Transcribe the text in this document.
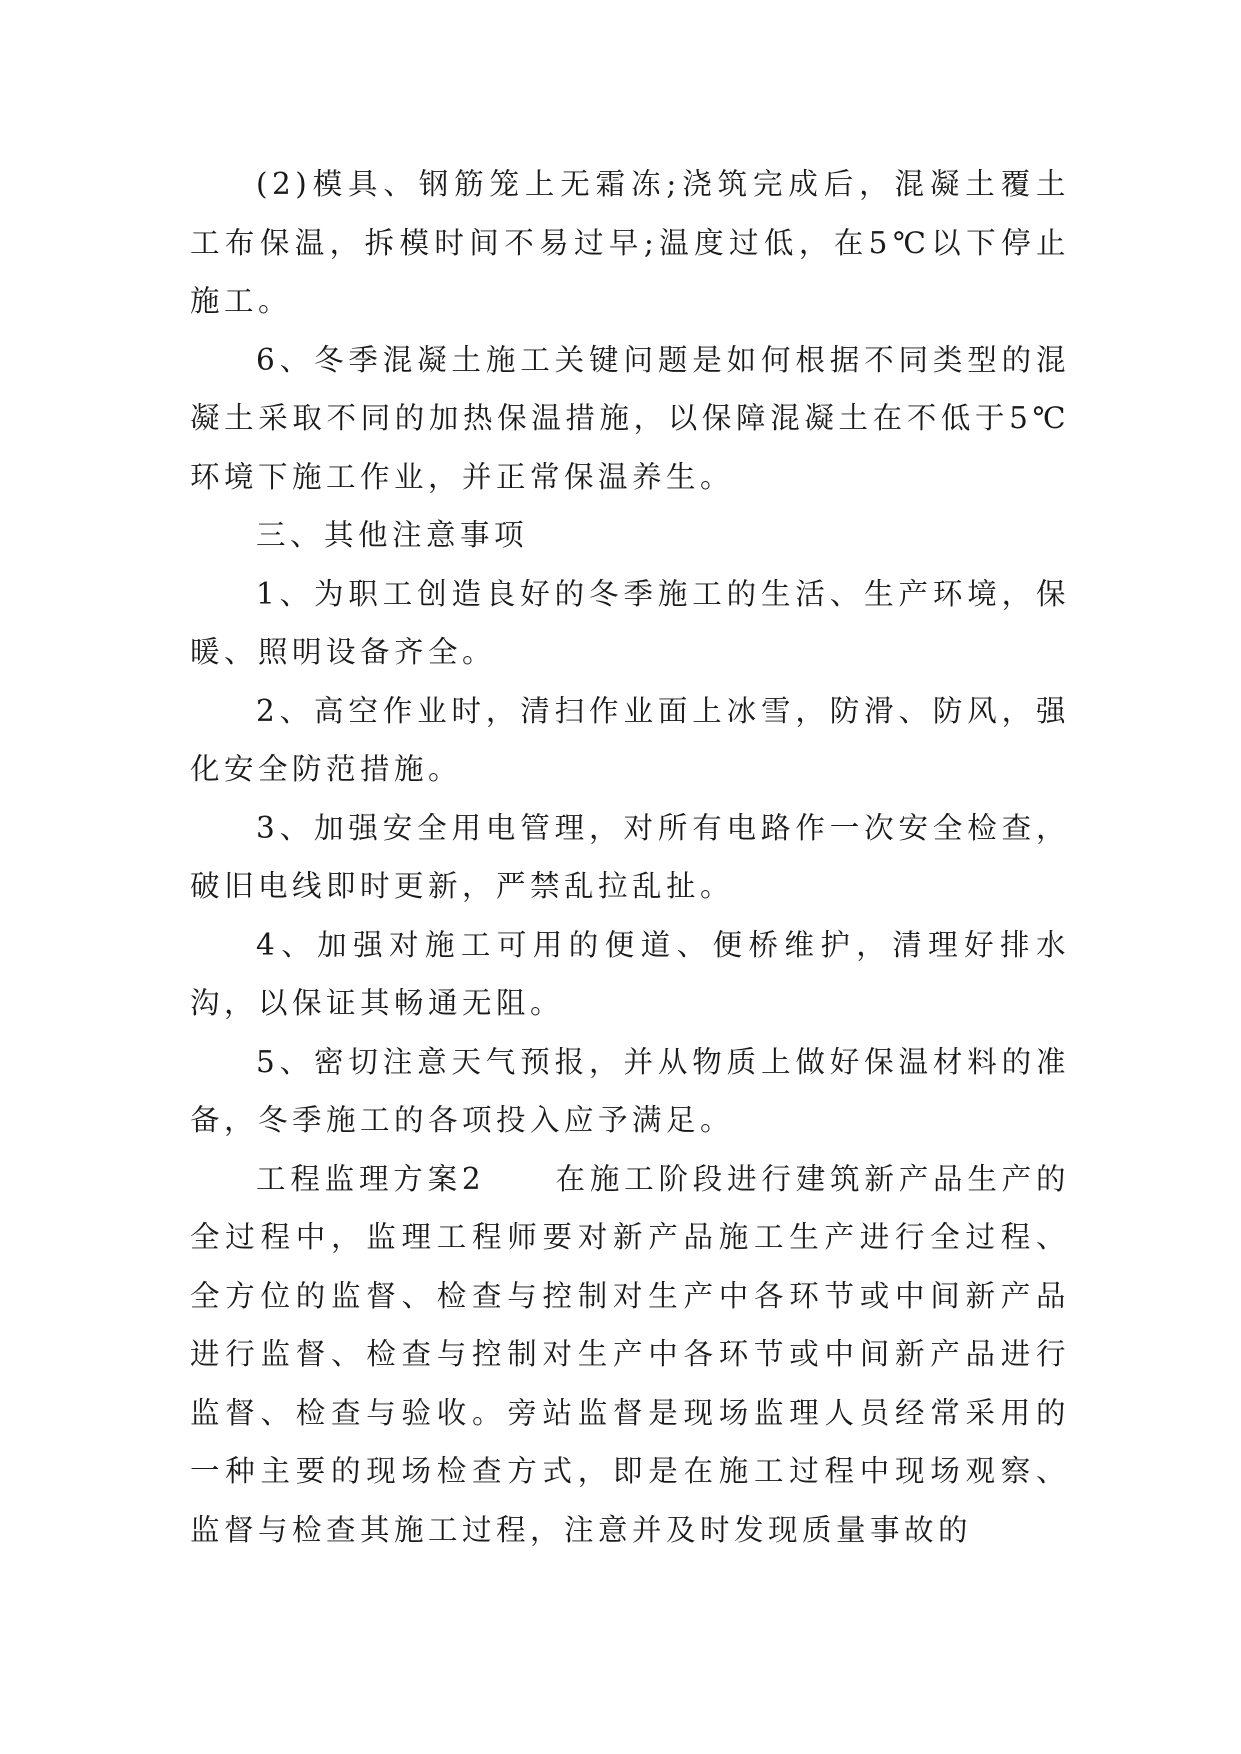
(2)模具、钢筋笼上无霜冻;浇筑完成后，混凝土覆土工布保温，拆模时间不易过早;温度过低，在5℃以下停止施工。

6、冬季混凝土施工关键问题是如何根据不同类型的混凝土采取不同的加热保温措施，以保障混凝土在不低于5℃环境下施工作业，并正常保温养生。

三、其他注意事项

1、为职工创造良好的冬季施工的生活、生产环境，保暖、照明设备齐全。

2、高空作业时，清扫作业面上冰雪，防滑、防风，强化安全防范措施。

3、加强安全用电管理，对所有电路作一次安全检查，破旧电线即时更新，严禁乱拉乱扯。

4、加强对施工可用的便道、便桥维护，清理好排水沟，以保证其畅通无阻。

5、密切注意天气预报，并从物质上做好保温材料的准备，冬季施工的各项投入应予满足。

工程监理方案2 在施工阶段进行建筑新产品生产的全过程中，监理工程师要对新产品施工生产进行全过程、全方位的监督、检查与控制对生产中各环节或中间新产品进行监督、检查与控制对生产中各环节或中间新产品进行监督、检查与验收。旁站监督是现场监理人员经常采用的一种主要的现场检查方式，即是在施工过程中现场观察、监督与检查其施工过程，注意并及时发现质量事故的
